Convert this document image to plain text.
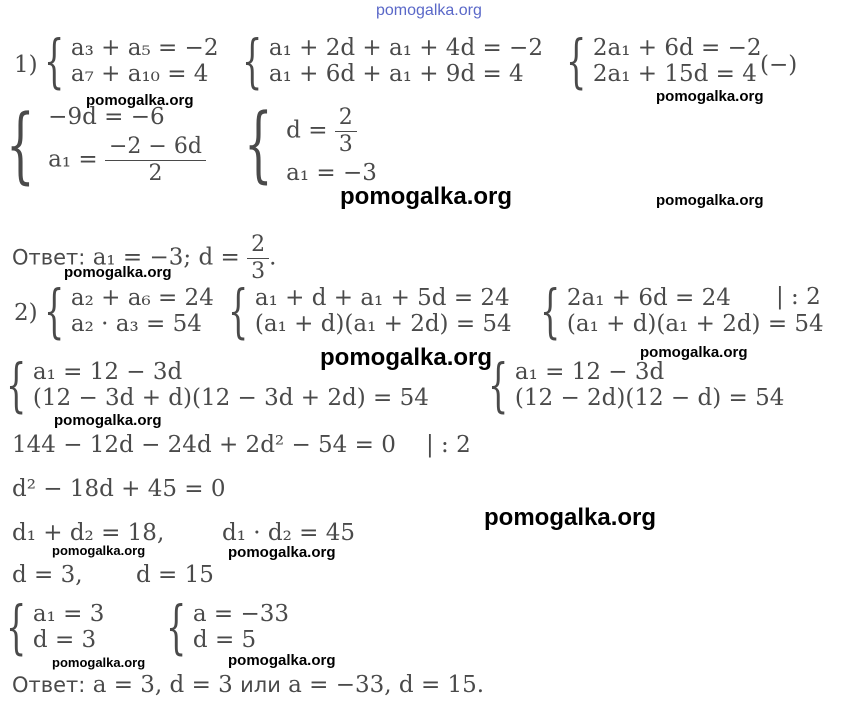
pomogalka.org
pomogalka.org	pomogalka.org
pomogalka.org	pomogalka.org
pomogalka.org
pomogalka.org	pomogalka.org
pomogalka.org
pomogalka.org
pomogalka.org	pomogalka.org
pomogalka.org	pomogalka.org
1) { a₃ + a₅ = −2
a₇ + a₁₀ = 4 { a₁ + 2d + a₁ + 4d = −2
a₁ + 6d + a₁ + 9d = 4 { 2a₁ + 6d = −2
2a₁ + 15d = 4 (−)
{ −9d = −6
$a_1 = \frac{-2 - 6d}{2}$ { $d = \frac{2}{3}$
a₁ = −3
Ответ: a₁ = −3; $d = \frac{2}{3}$ .
2) { a₂ + a₆ = 24
a₂ · a₃ = 54 { a₁ + d + a₁ + 5d = 24
(a₁ + d)(a₁ + 2d) = 54 { 2a₁ + 6d = 24
(a₁ + d)(a₁ + 2d) = 54
| : 2
{ a₁ = 12 − 3d
(12 − 3d + d)(12 − 3d + 2d) = 54 { a₁ = 12 − 3d
(12 − 2d)(12 − d) = 54
144 − 12d − 24d + 2d² − 54 = 0 | : 2
d² − 18d + 45 = 0
d₁ + d₂ = 18,	d₁ · d₂ = 45
d = 3, d = 15
{ a₁ = 3
d = 3 { a = −33
d = 5
Ответ: a = 3, d = 3 или a = −33, d = 15.
